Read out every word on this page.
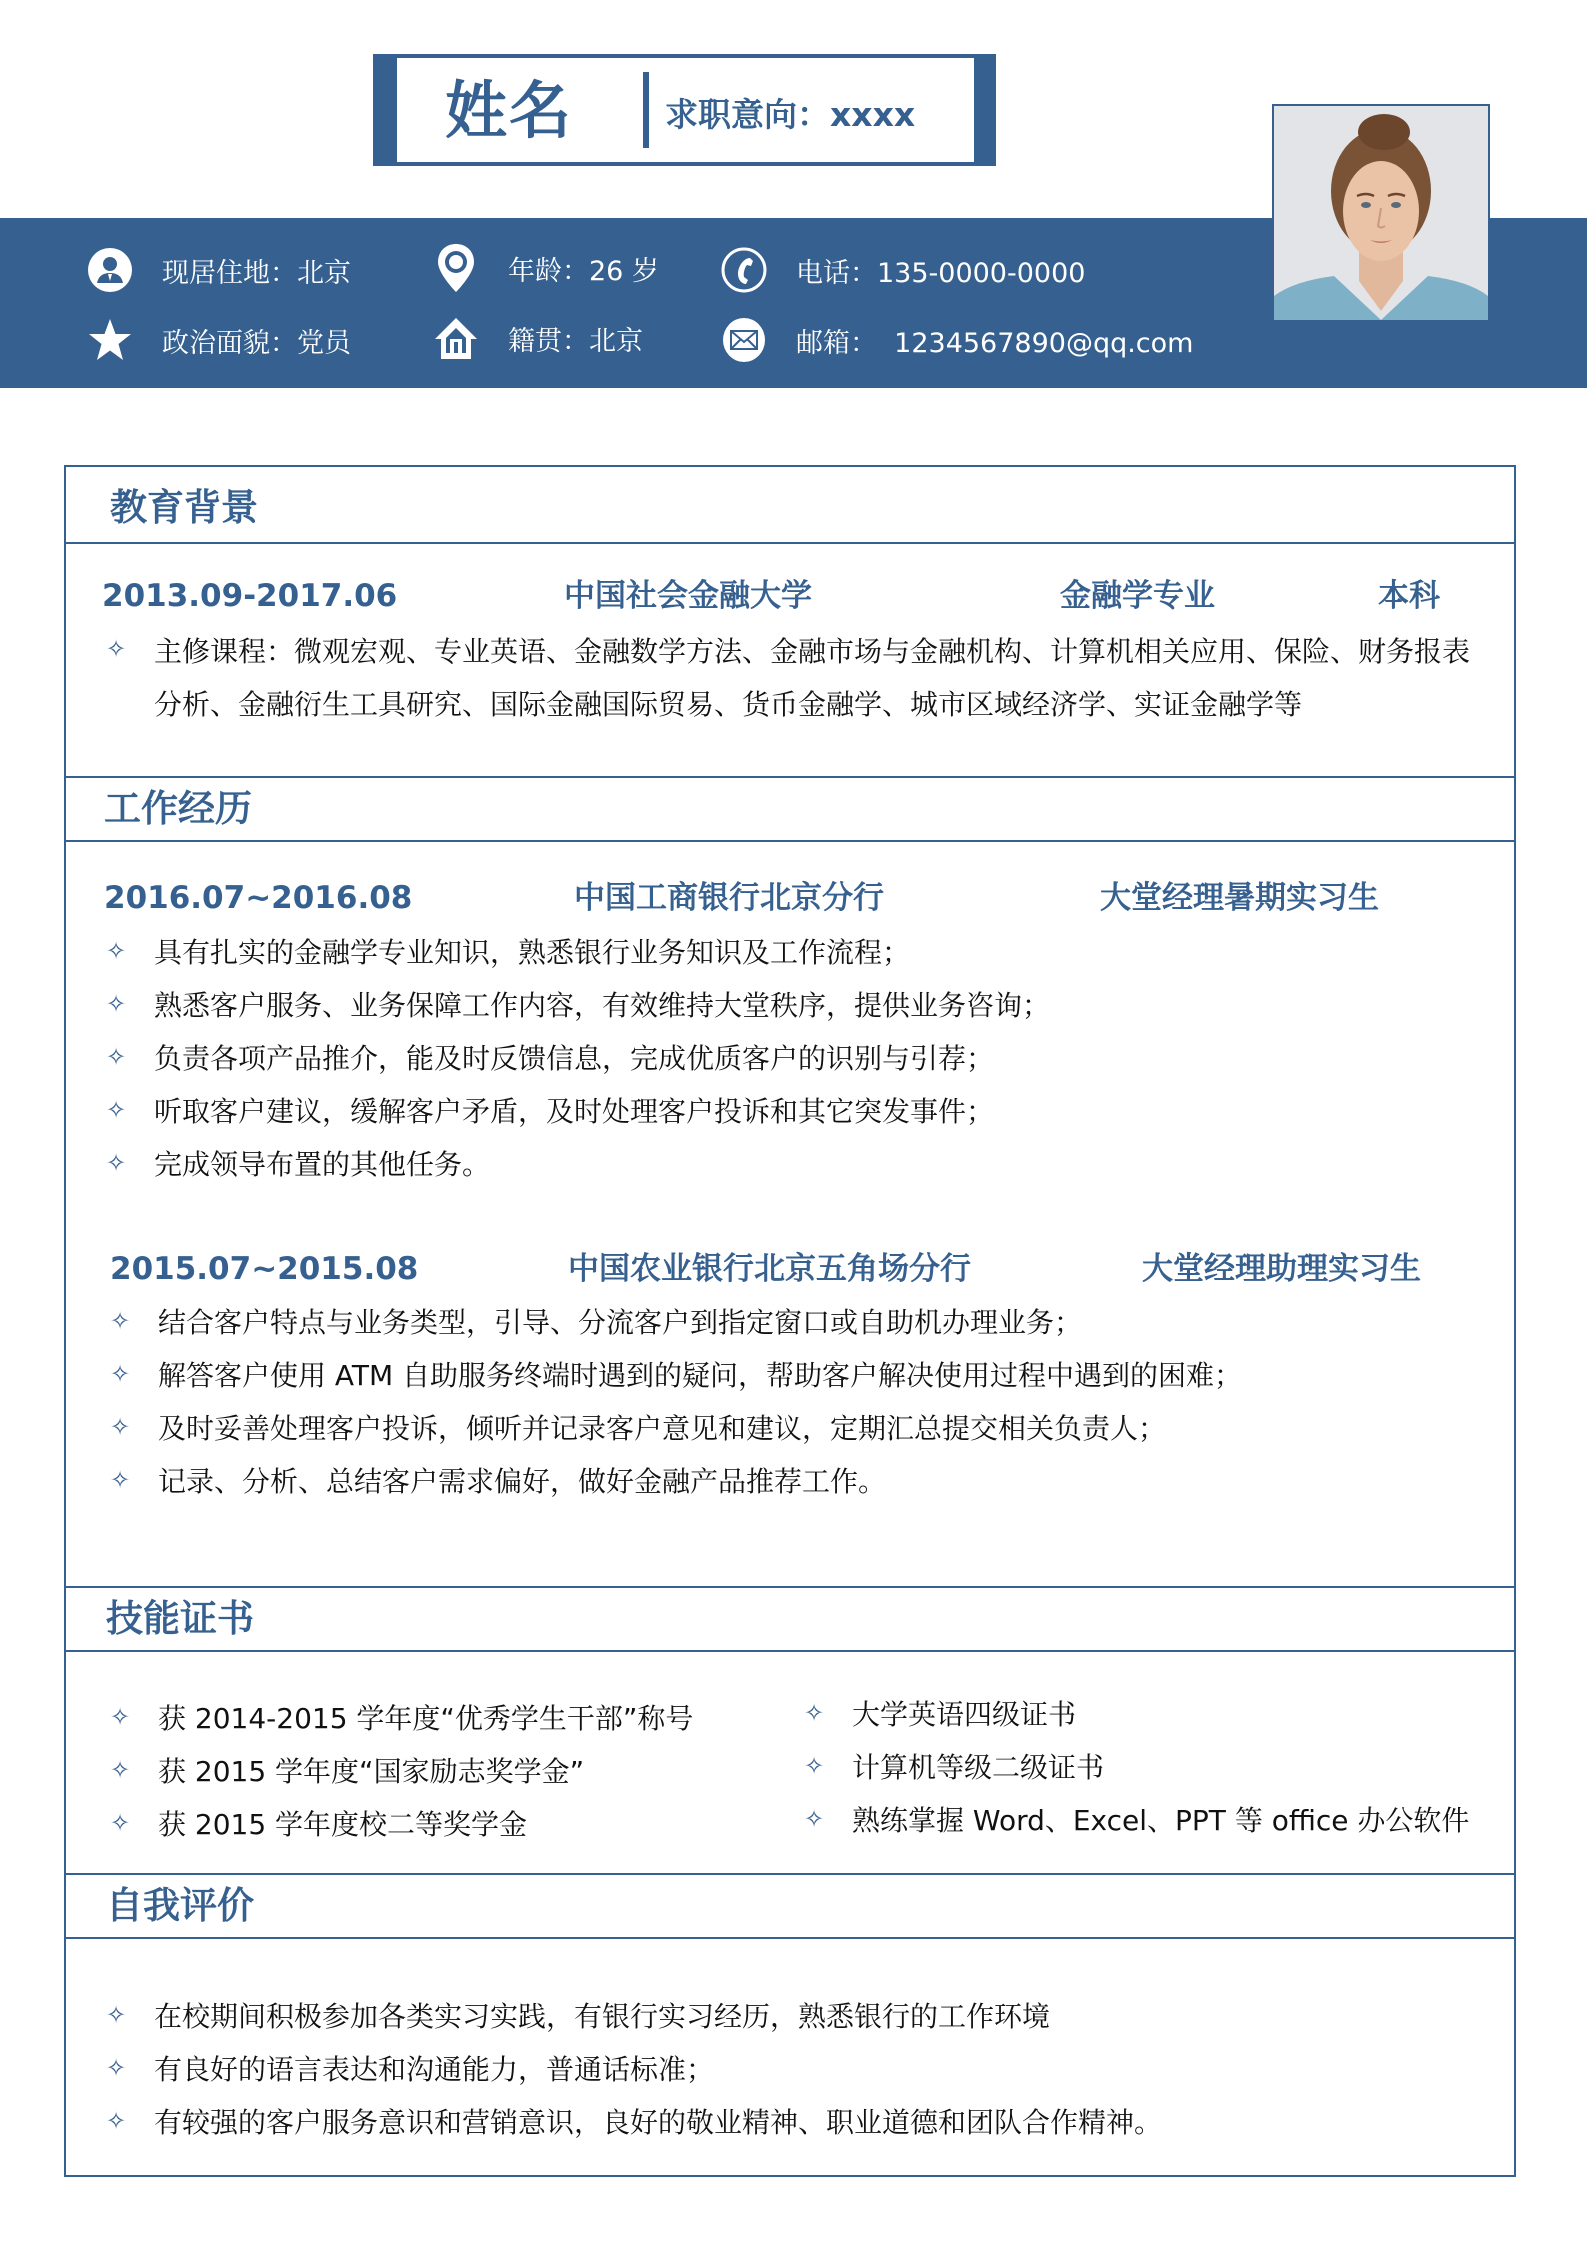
姓名	求职意向：xxxx
现居住地：北京	年龄：26 岁	电话：135-0000-0000
政治面貌：党员	籍贯：北京	邮箱：  1234567890@qq.com
教育背景
2013.09-2017.06	中国社会金融大学	金融学专业	本科
✧ 主修课程：微观宏观、专业英语、金融数学方法、金融市场与金融机构、计算机相关应用、保险、财务报表分析、金融衍生工具研究、国际金融国际贸易、货币金融学、城市区域经济学、实证金融学等
工作经历
2016.07~2016.08	中国工商银行北京分行	大堂经理暑期实习生
✧ 具有扎实的金融学专业知识，熟悉银行业务知识及工作流程；
✧ 熟悉客户服务、业务保障工作内容，有效维持大堂秩序，提供业务咨询；
✧ 负责各项产品推介，能及时反馈信息，完成优质客户的识别与引荐；
✧ 听取客户建议，缓解客户矛盾，及时处理客户投诉和其它突发事件；
✧ 完成领导布置的其他任务。
2015.07~2015.08	中国农业银行北京五角场分行	大堂经理助理实习生
✧ 结合客户特点与业务类型，引导、分流客户到指定窗口或自助机办理业务；
✧ 解答客户使用 ATM 自助服务终端时遇到的疑问，帮助客户解决使用过程中遇到的困难；
✧ 及时妥善处理客户投诉，倾听并记录客户意见和建议，定期汇总提交相关负责人；
✧ 记录、分析、总结客户需求偏好，做好金融产品推荐工作。
技能证书
✧ 获 2014-2015 学年度“优秀学生干部”称号
✧ 获 2015 学年度“国家励志奖学金”
✧ 获 2015 学年度校二等奖学金
✧ 大学英语四级证书
✧ 计算机等级二级证书
✧ 熟练掌握 Word、Excel、PPT 等 office 办公软件
自我评价
✧ 在校期间积极参加各类实习实践，有银行实习经历，熟悉银行的工作环境
✧ 有良好的语言表达和沟通能力，普通话标准；
✧ 有较强的客户服务意识和营销意识，良好的敬业精神、职业道德和团队合作精神。
